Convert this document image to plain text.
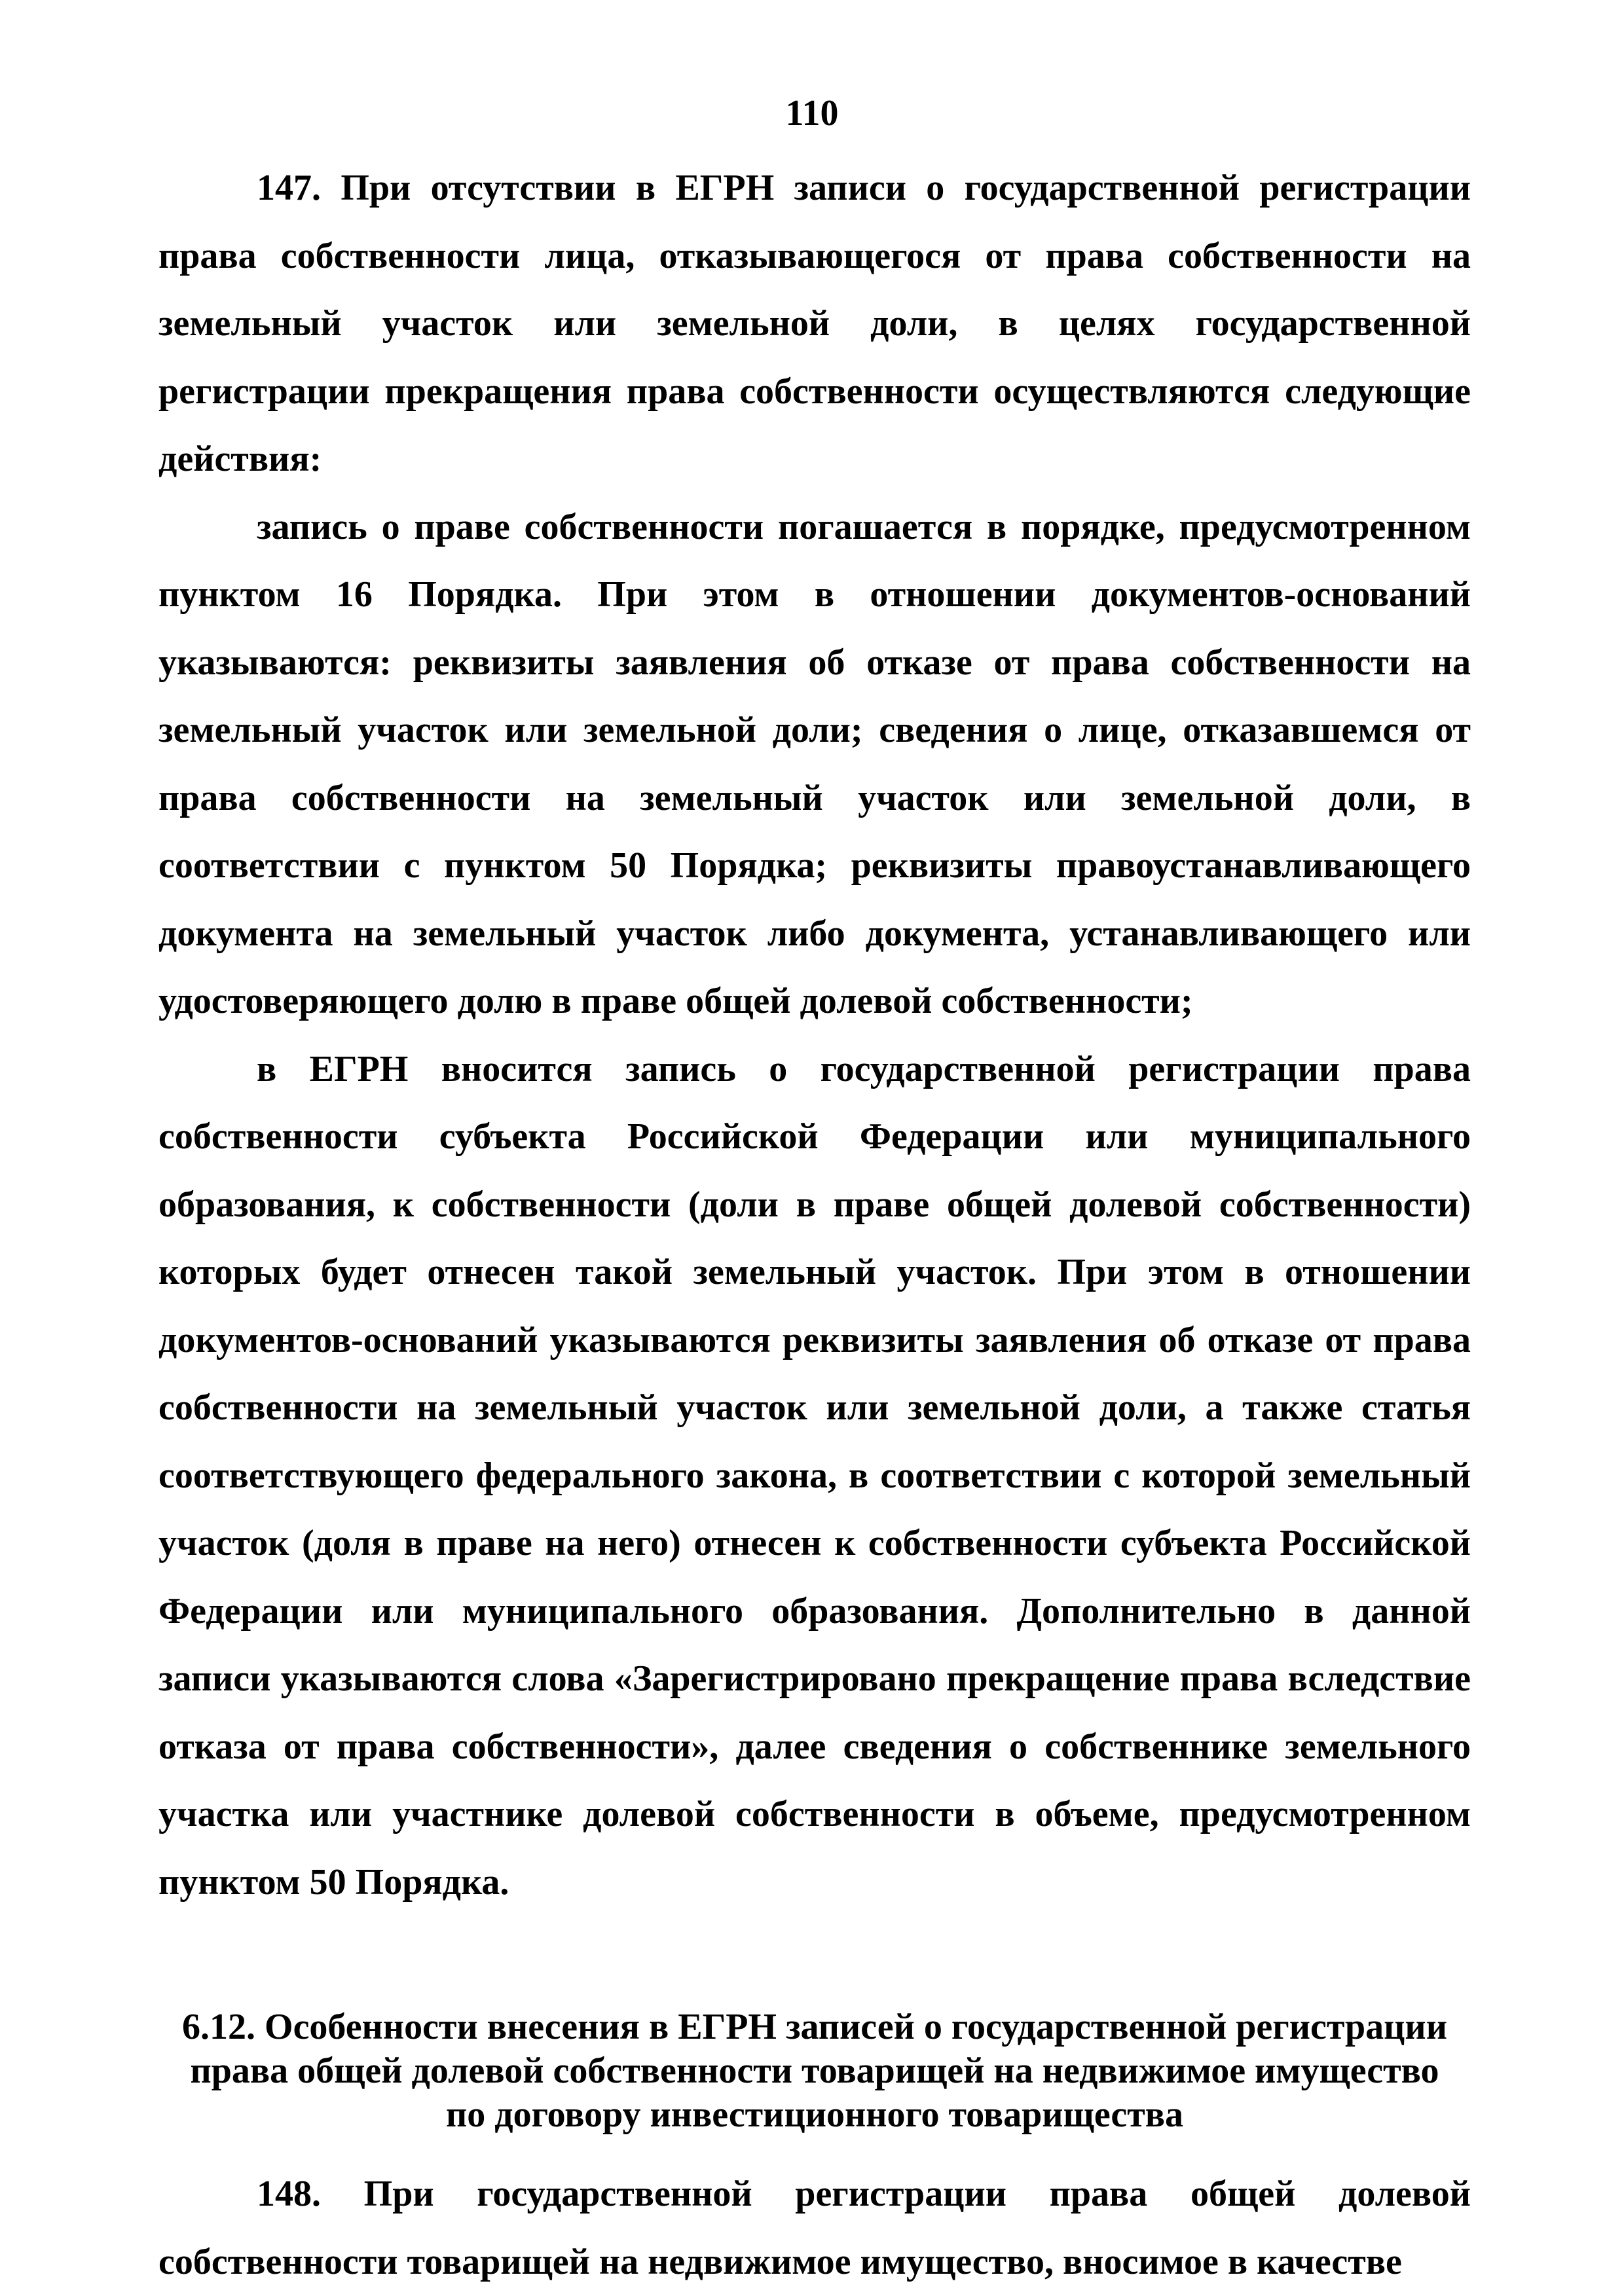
110

147. При отсутствии в ЕГРН записи о государственной регистрации права собственности лица, отказывающегося от права собственности на земельный участок или земельной доли, в целях государственной регистрации прекращения права собственности осуществляются следующие действия:

запись о праве собственности погашается в порядке, предусмотренном пунктом 16 Порядка. При этом в отношении документов-оснований указываются: реквизиты заявления об отказе от права собственности на земельный участок или земельной доли; сведения о лице, отказавшемся от права собственности на земельный участок или земельной доли, в соответствии с пунктом 50 Порядка; реквизиты правоустанавливающего документа на земельный участок либо документа, устанавливающего или удостоверяющего долю в праве общей долевой собственности;

в ЕГРН вносится запись о государственной регистрации права собственности субъекта Российской Федерации или муниципального образования, к собственности (доли в праве общей долевой собственности) которых будет отнесен такой земельный участок. При этом в отношении документов-оснований указываются реквизиты заявления об отказе от права собственности на земельный участок или земельной доли, а также статья соответствующего федерального закона, в соответствии с которой земельный участок (доля в праве на него) отнесен к собственности субъекта Российской Федерации или муниципального образования. Дополнительно в данной записи указываются слова «Зарегистрировано прекращение права вследствие отказа от права собственности», далее сведения о собственнике земельного участка или участнике долевой собственности в объеме, предусмотренном пунктом 50 Порядка.

6.12. Особенности внесения в ЕГРН записей о государственной регистрации
права общей долевой собственности товарищей на недвижимое имущество
по договору инвестиционного товарищества

148. При государственной регистрации права общей долевой собственности товарищей на недвижимое имущество, вносимое в качестве
